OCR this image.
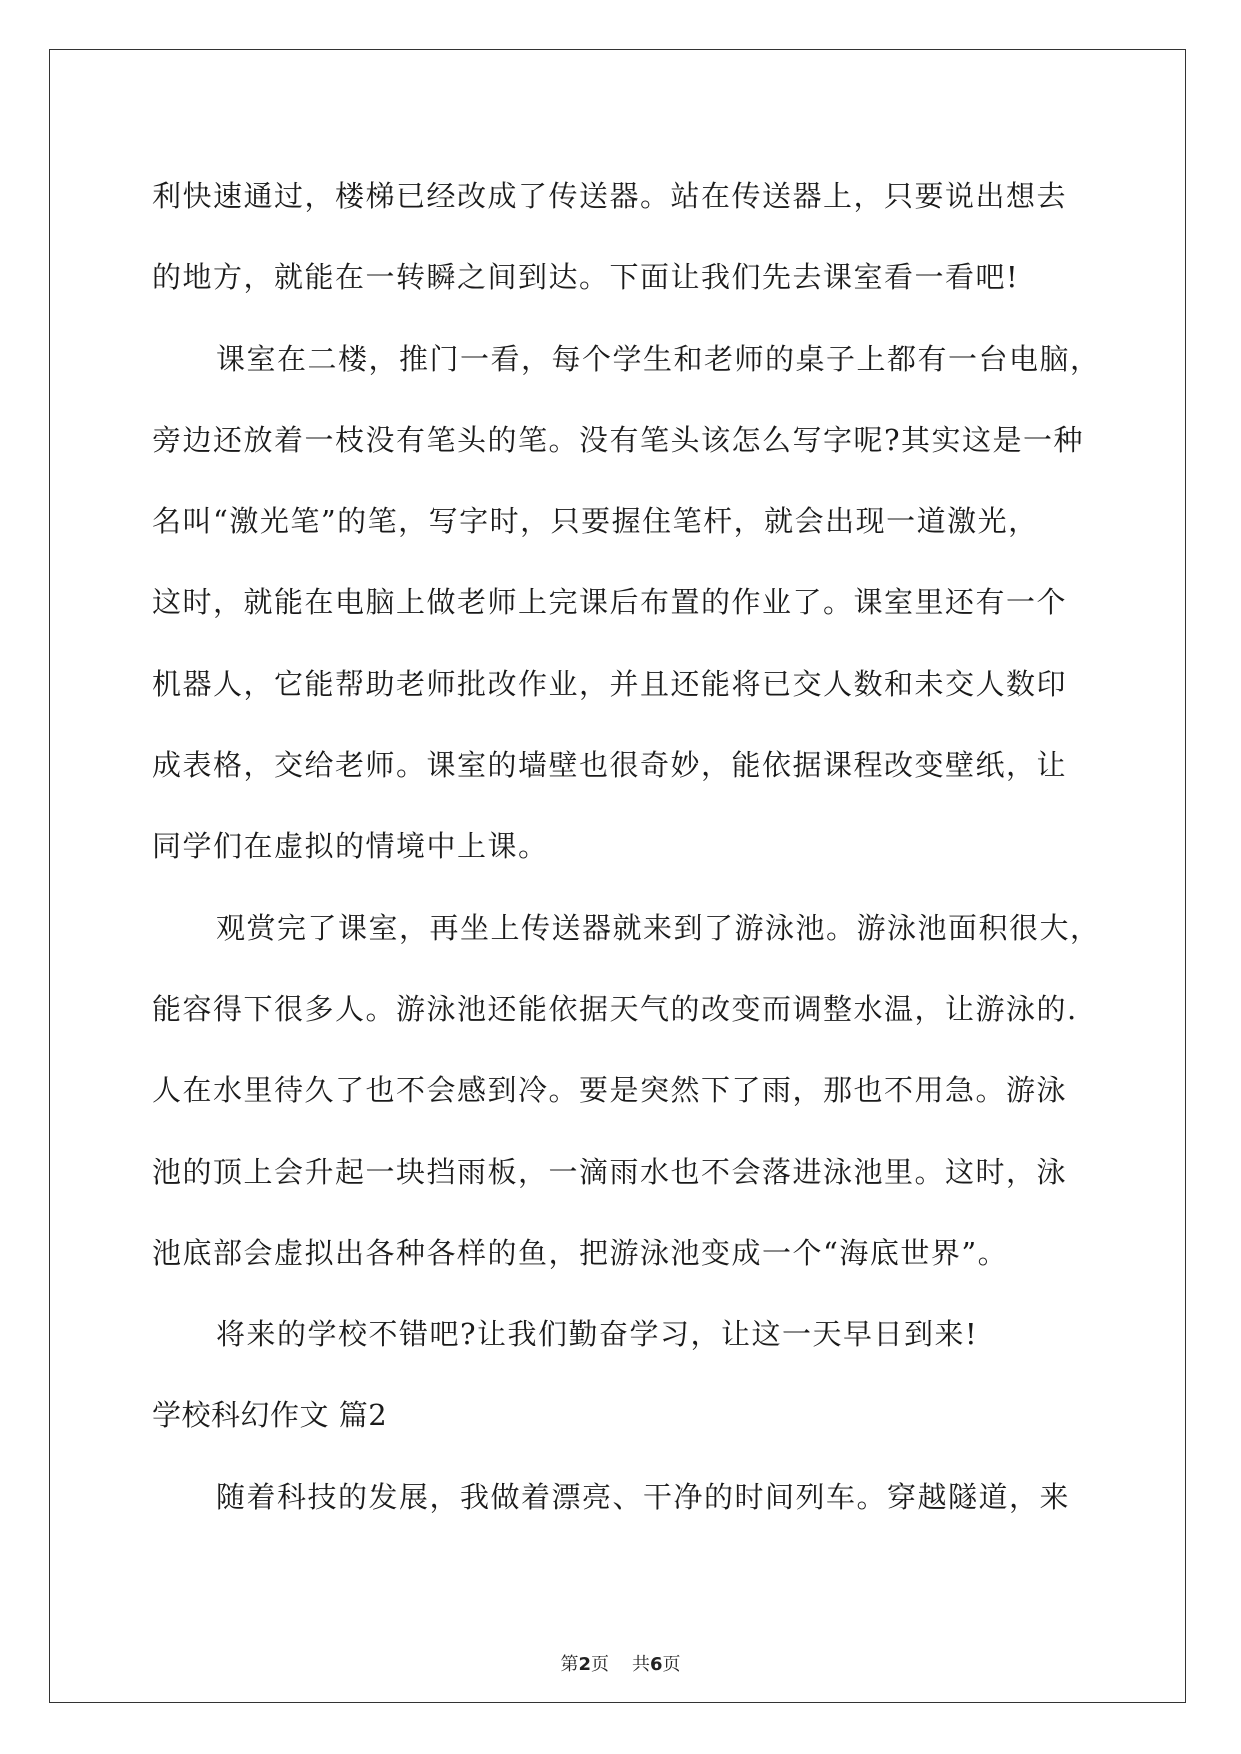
利快速通过，楼梯已经改成了传送器。站在传送器上，只要说出想去
的地方，就能在一转瞬之间到达。下面让我们先去课室看一看吧!
课室在二楼，推门一看，每个学生和老师的桌子上都有一台电脑，
旁边还放着一枝没有笔头的笔。没有笔头该怎么写字呢?其实这是一种
名叫“激光笔”的笔，写字时，只要握住笔杆，就会出现一道激光，
这时，就能在电脑上做老师上完课后布置的作业了。课室里还有一个
机器人，它能帮助老师批改作业，并且还能将已交人数和未交人数印
成表格，交给老师。课室的墙壁也很奇妙，能依据课程改变壁纸，让
同学们在虚拟的情境中上课。
观赏完了课室，再坐上传送器就来到了游泳池。游泳池面积很大，
能容得下很多人。游泳池还能依据天气的改变而调整水温，让游泳的.
人在水里待久了也不会感到冷。要是突然下了雨，那也不用急。游泳
池的顶上会升起一块挡雨板，一滴雨水也不会落进泳池里。这时，泳
池底部会虚拟出各种各样的鱼，把游泳池变成一个“海底世界”。
将来的学校不错吧?让我们勤奋学习，让这一天早日到来!
学校科幻作文 篇2
随着科技的发展，我做着漂亮、干净的时间列车。穿越隧道，来
第2页 共6页
